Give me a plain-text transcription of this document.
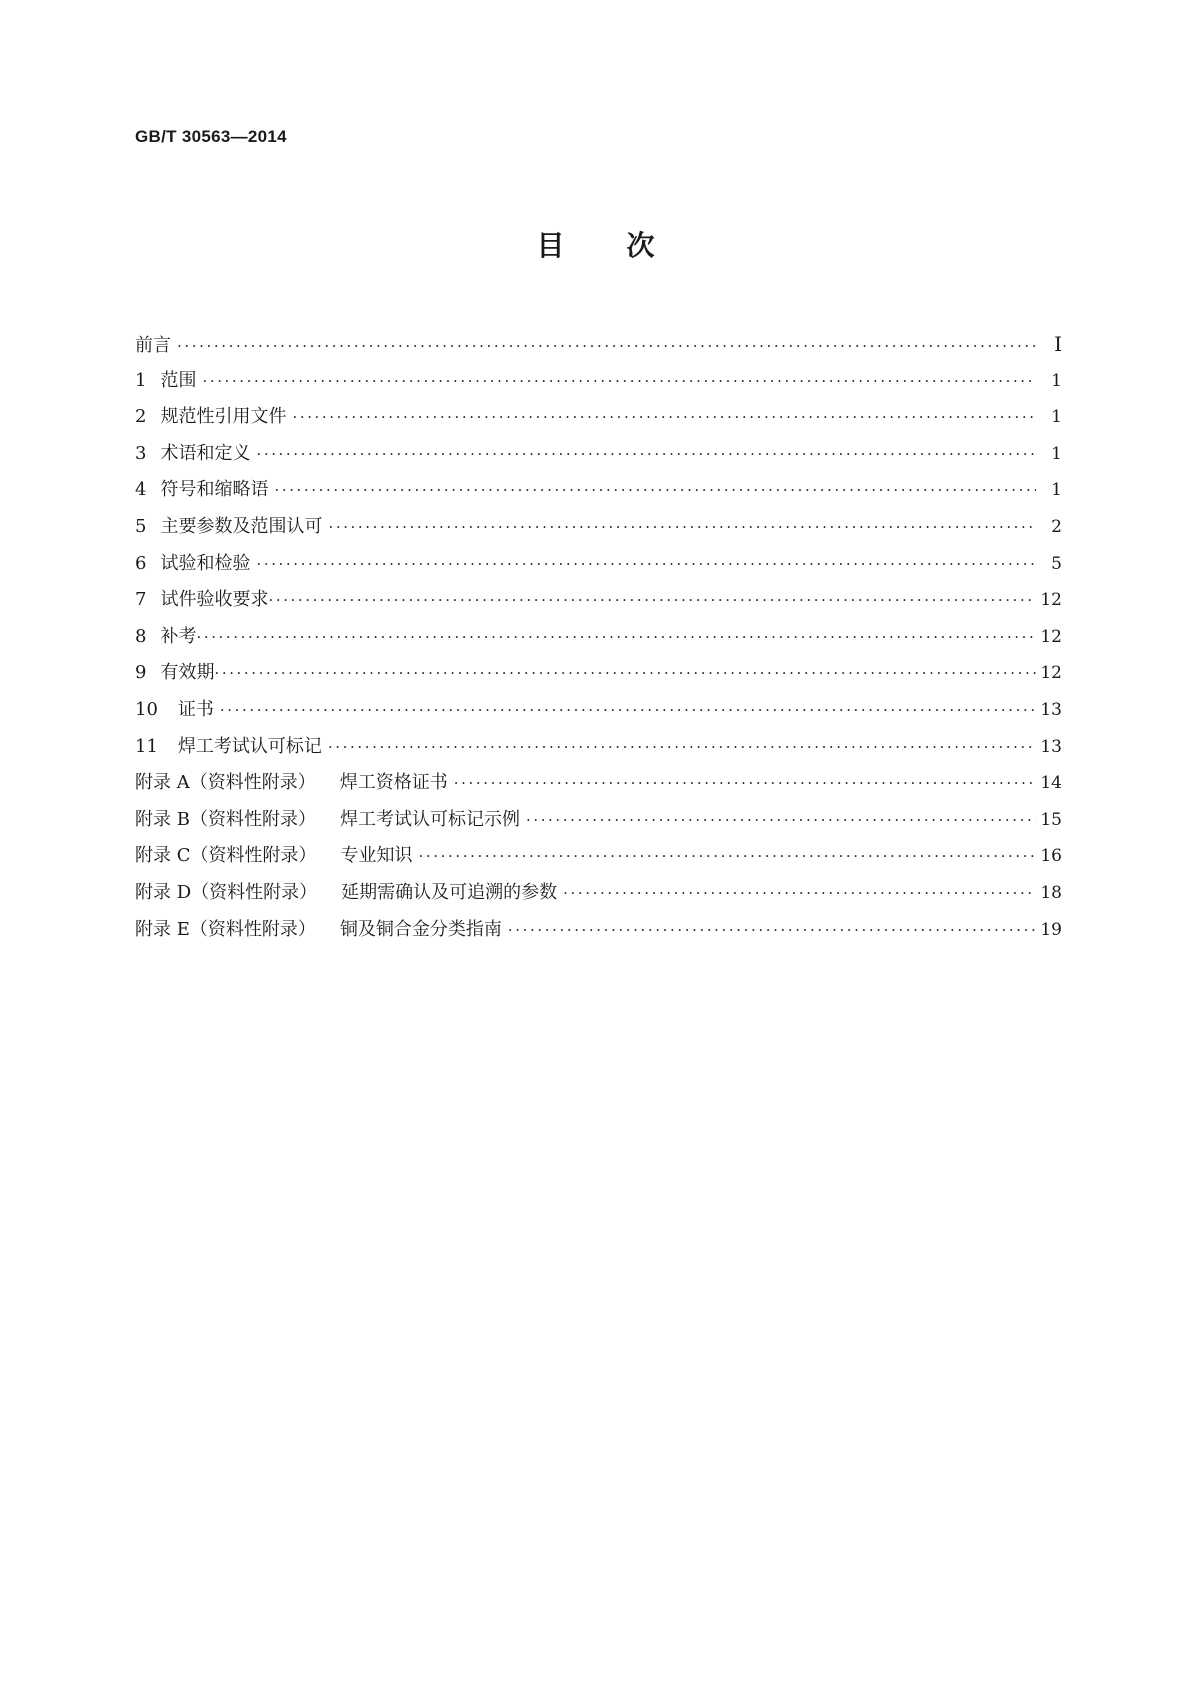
GB/T 30563—2014
目次
前言 ·····	Ⅰ
1 范围 ·····	1
2 规范性引用文件 ·····	1
3 术语和定义 ·····	1
4 符号和缩略语 ·····	1
5 主要参数及范围认可 ·····	2
6 试验和检验 ·····	5
7 试件验收要求 ·····	12
8 补考 ·····	12
9 有效期 ·····	12
10 证书 ·····	13
11 焊工考试认可标记 ·····	13
附录 A（资料性附录） 焊工资格证书 ·····	14
附录 B（资料性附录） 焊工考试认可标记示例 ·····	15
附录 C（资料性附录） 专业知识 ·····	16
附录 D（资料性附录） 延期需确认及可追溯的参数 ·····	18
附录 E（资料性附录） 铜及铜合金分类指南 ·····	19
